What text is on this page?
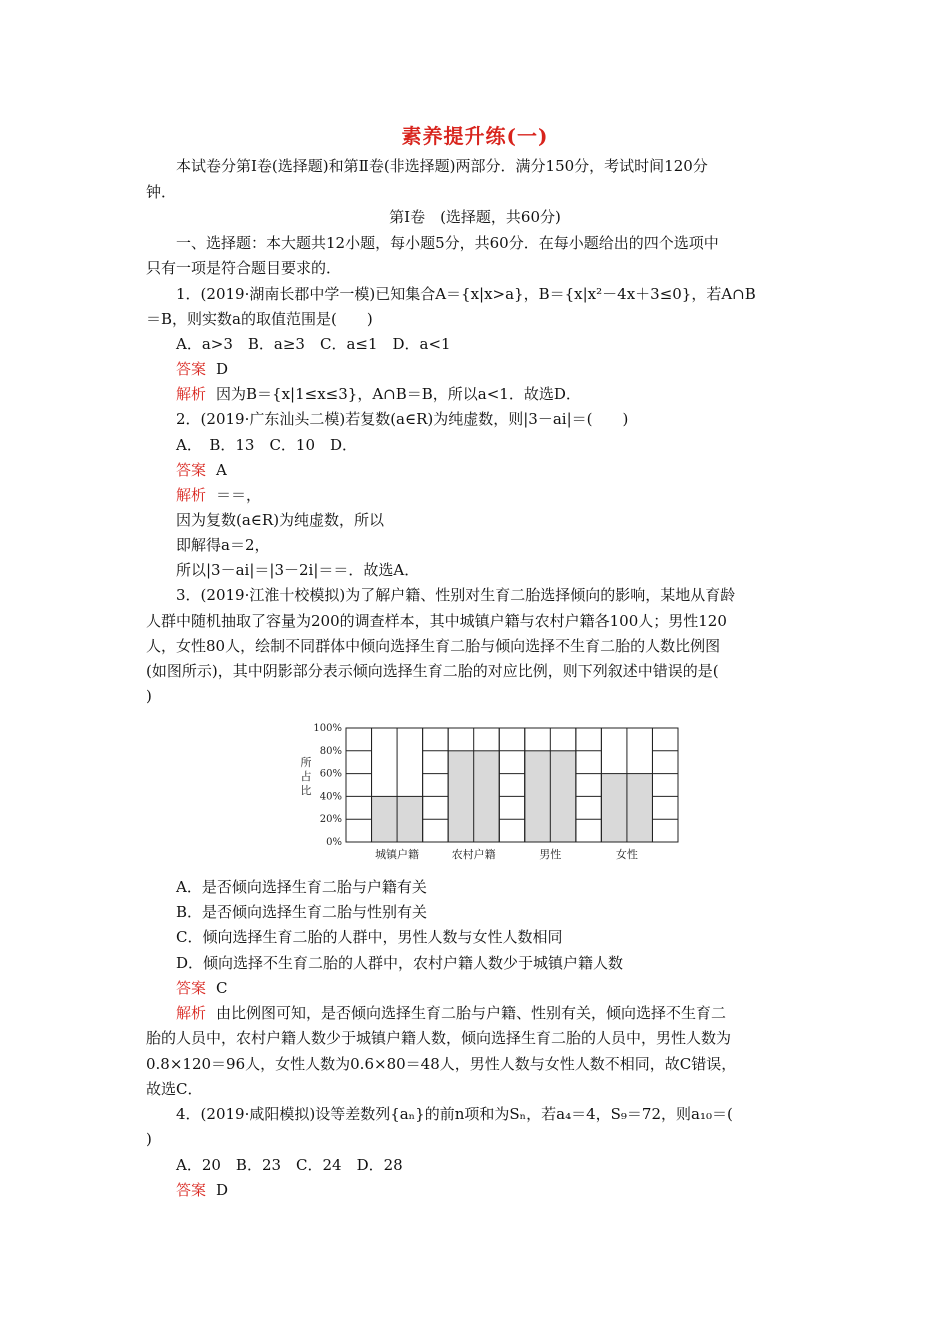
素养提升练(一)
本试卷分第Ⅰ卷(选择题)和第Ⅱ卷(非选择题)两部分．满分150分，考试时间120分
钟．
第Ⅰ卷　(选择题，共60分)
一、选择题：本大题共12小题，每小题5分，共60分．在每小题给出的四个选项中
只有一项是符合题目要求的．
1．(2019·湖南长郡中学一模)已知集合A＝{x|x>a}，B＝{x|x²－4x＋3≤0}，若A∩B
＝B，则实数a的取值范围是(　　)
A．a>3　B．a≥3　C．a≤1　D．a<1
答案 D
解析 因为B＝{x|1≤x≤3}，A∩B＝B，所以a<1．故选D．
2．(2019·广东汕头二模)若复数(a∈R)为纯虚数，则|3－ai|＝(　　)
A．　B．13　C．10　D．
答案 A
解析 ＝＝，
因为复数(a∈R)为纯虚数，所以
即解得a＝2，
所以|3－ai|＝|3－2i|＝＝．故选A．
3．(2019·江淮十校模拟)为了解户籍、性别对生育二胎选择倾向的影响，某地从育龄
人群中随机抽取了容量为200的调查样本，其中城镇户籍与农村户籍各100人；男性120
人，女性80人，绘制不同群体中倾向选择生育二胎与倾向选择不生育二胎的人数比例图
(如图所示)，其中阴影部分表示倾向选择生育二胎的对应比例，则下列叙述中错误的是(
)
0%
20%
40%
60%
80%
100%
城镇户籍	农村户籍	男性	女性
所
占
比
A．是否倾向选择生育二胎与户籍有关
B．是否倾向选择生育二胎与性别有关
C．倾向选择生育二胎的人群中，男性人数与女性人数相同
D．倾向选择不生育二胎的人群中，农村户籍人数少于城镇户籍人数
答案 C
解析 由比例图可知，是否倾向选择生育二胎与户籍、性别有关，倾向选择不生育二
胎的人员中，农村户籍人数少于城镇户籍人数，倾向选择生育二胎的人员中，男性人数为
0.8×120＝96人，女性人数为0.6×80＝48人，男性人数与女性人数不相同，故C错误，
故选C．
4．(2019·咸阳模拟)设等差数列{aₙ}的前n项和为Sₙ，若a₄＝4，S₉＝72，则a₁₀＝(
)
A．20　B．23　C．24　D．28
答案 D
